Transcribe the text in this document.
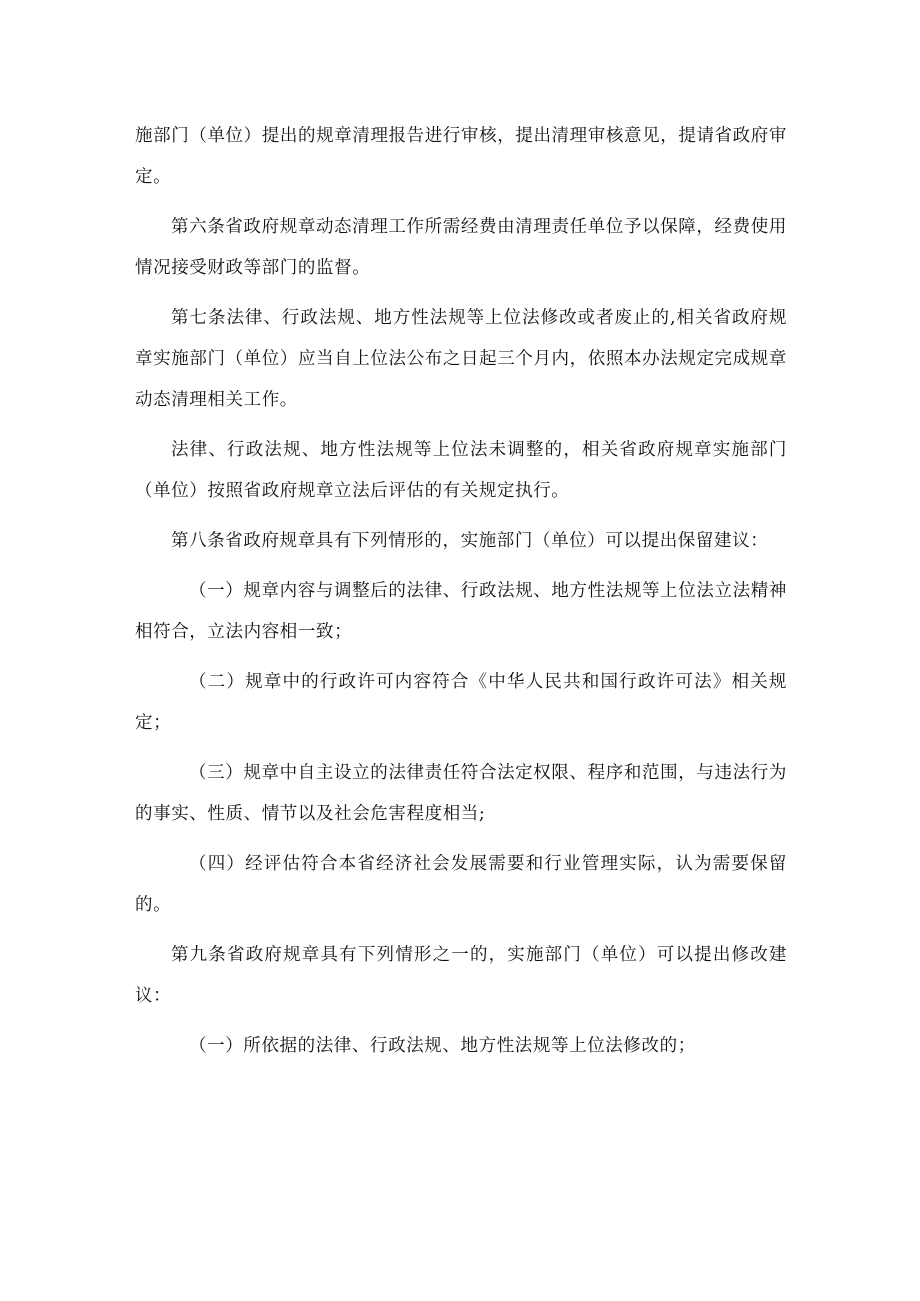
施部门（单位）提出的规章清理报告进行审核，提出清理审核意见，提请省政府审定。

第六条省政府规章动态清理工作所需经费由清理责任单位予以保障，经费使用情况接受财政等部门的监督。

第七条法律、行政法规、地方性法规等上位法修改或者废止的,相关省政府规章实施部门（单位）应当自上位法公布之日起三个月内，依照本办法规定完成规章动态清理相关工作。

法律、行政法规、地方性法规等上位法未调整的，相关省政府规章实施部门（单位）按照省政府规章立法后评估的有关规定执行。

第八条省政府规章具有下列情形的，实施部门（单位）可以提出保留建议：

（一）规章内容与调整后的法律、行政法规、地方性法规等上位法立法精神相符合，立法内容相一致；

（二）规章中的行政许可内容符合《中华人民共和国行政许可法》相关规定；

（三）规章中自主设立的法律责任符合法定权限、程序和范围，与违法行为的事实、性质、情节以及社会危害程度相当;

（四）经评估符合本省经济社会发展需要和行业管理实际，认为需要保留的。

第九条省政府规章具有下列情形之一的，实施部门（单位）可以提出修改建议：

（一）所依据的法律、行政法规、地方性法规等上位法修改的；
